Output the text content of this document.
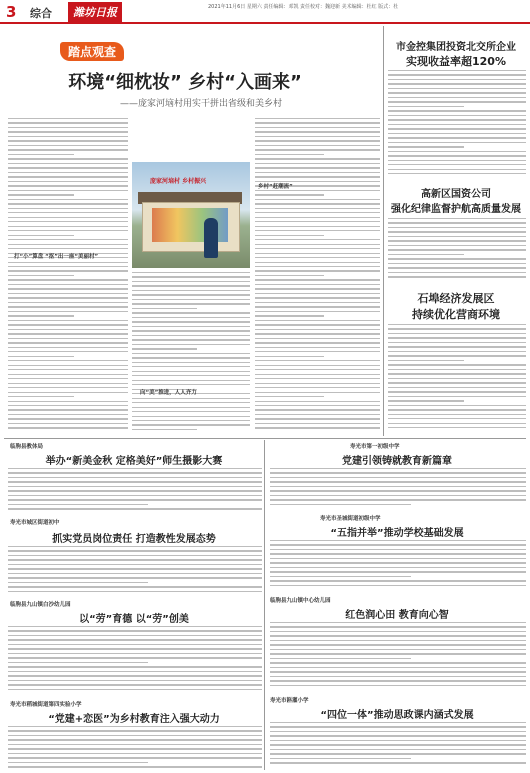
3 综合	潍坊日报	2021年11月6日 星期六 责任编辑：邓凯 责任校对：魏迎新 美术编辑：杜红 版式：杜
踏点观查
环境“细枕妆” 乡村“入画来”
——庞家河垴村用实干拼出省级和美乡村
庞家河垴村 乡村振兴
打“小”算盘 “抠”出一座“美丽村”
乡村“赶潮流”
向“美”推进，人人齐力
市金控集团投资北交所企业
实现收益率超120%
高新区国资公司
强化纪律监督护航高质量发展
石埠经济发展区
持续优化营商环境
临朐县教体局
举办“新美金秋 定格美好”师生摄影大赛
寿光市第一初级中学
党建引领铸就教育新篇章
寿光市城区街道初中
抓实党员岗位责任 打造教性发展态势
寿光市圣城街道初级中学
“五指并举”推动学校基础发展
临朐县九山镇白沙幼儿园
以“劳”育德 以“劳”创美
临朐县九山镇中心幼儿园
红色润心田 教育向心智
寿光市稻城街道第四实验小学
“党建+恋医”为乡村教育注入强大动力
寿光市斟灌小学
“四位一体”推动思政课内涵式发展
